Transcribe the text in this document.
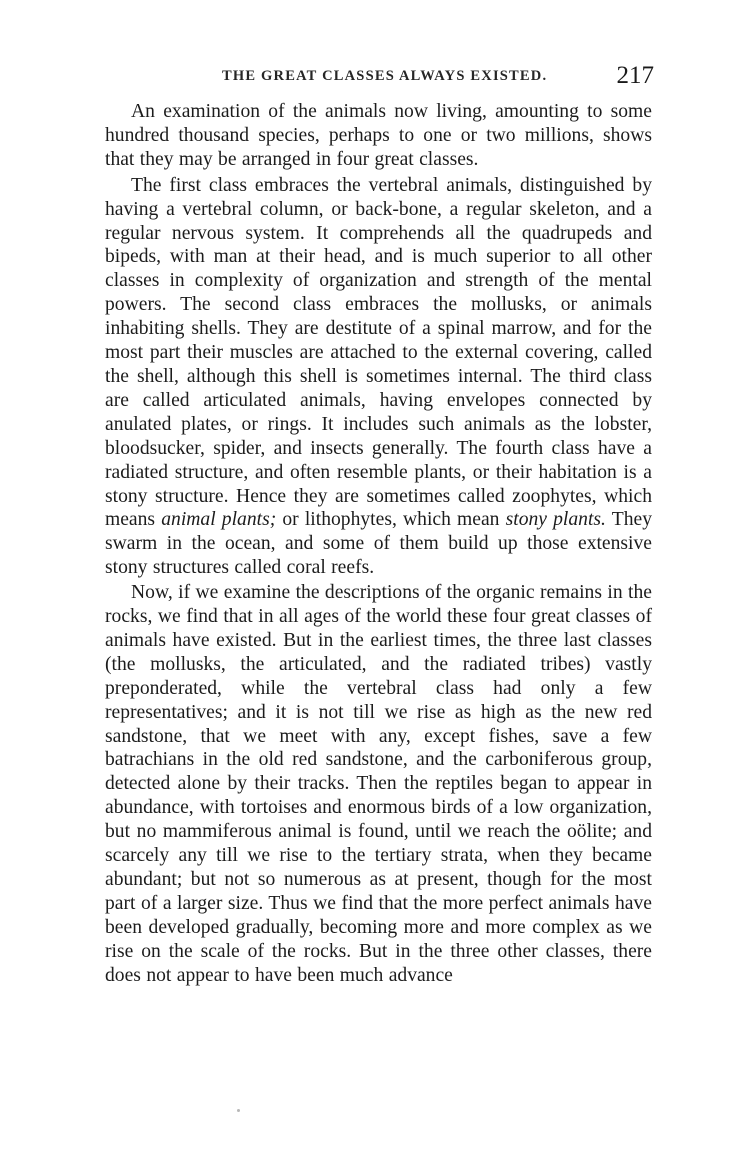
THE GREAT CLASSES ALWAYS EXISTED.	217

An examination of the animals now living, amounting to some hundred thousand species, perhaps to one or two millions, shows that they may be arranged in four great classes.

The first class embraces the vertebral animals, distinguished by having a vertebral column, or back-bone, a regular skeleton, and a regular nervous system. It comprehends all the quadrupeds and bipeds, with man at their head, and is much superior to all other classes in complexity of organization and strength of the mental powers. The second class embraces the mollusks, or animals inhabiting shells. They are destitute of a spinal marrow, and for the most part their muscles are attached to the external covering, called the shell, although this shell is sometimes internal. The third class are called articulated animals, having envelopes connected by anulated plates, or rings. It includes such animals as the lobster, bloodsucker, spider, and insects generally. The fourth class have a radiated structure, and often resemble plants, or their habitation is a stony structure. Hence they are sometimes called zoophytes, which means animal plants; or lithophytes, which mean stony plants. They swarm in the ocean, and some of them build up those extensive stony structures called coral reefs.

Now, if we examine the descriptions of the organic remains in the rocks, we find that in all ages of the world these four great classes of animals have existed. But in the earliest times, the three last classes (the mollusks, the articulated, and the radiated tribes) vastly preponderated, while the vertebral class had only a few representatives; and it is not till we rise as high as the new red sandstone, that we meet with any, except fishes, save a few batrachians in the old red sandstone, and the carboniferous group, detected alone by their tracks. Then the reptiles began to appear in abundance, with tortoises and enormous birds of a low organization, but no mammiferous animal is found, until we reach the oölite; and scarcely any till we rise to the tertiary strata, when they became abundant; but not so numerous as at present, though for the most part of a larger size. Thus we find that the more perfect animals have been developed gradually, becoming more and more complex as we rise on the scale of the rocks. But in the three other classes, there does not appear to have been much advance
